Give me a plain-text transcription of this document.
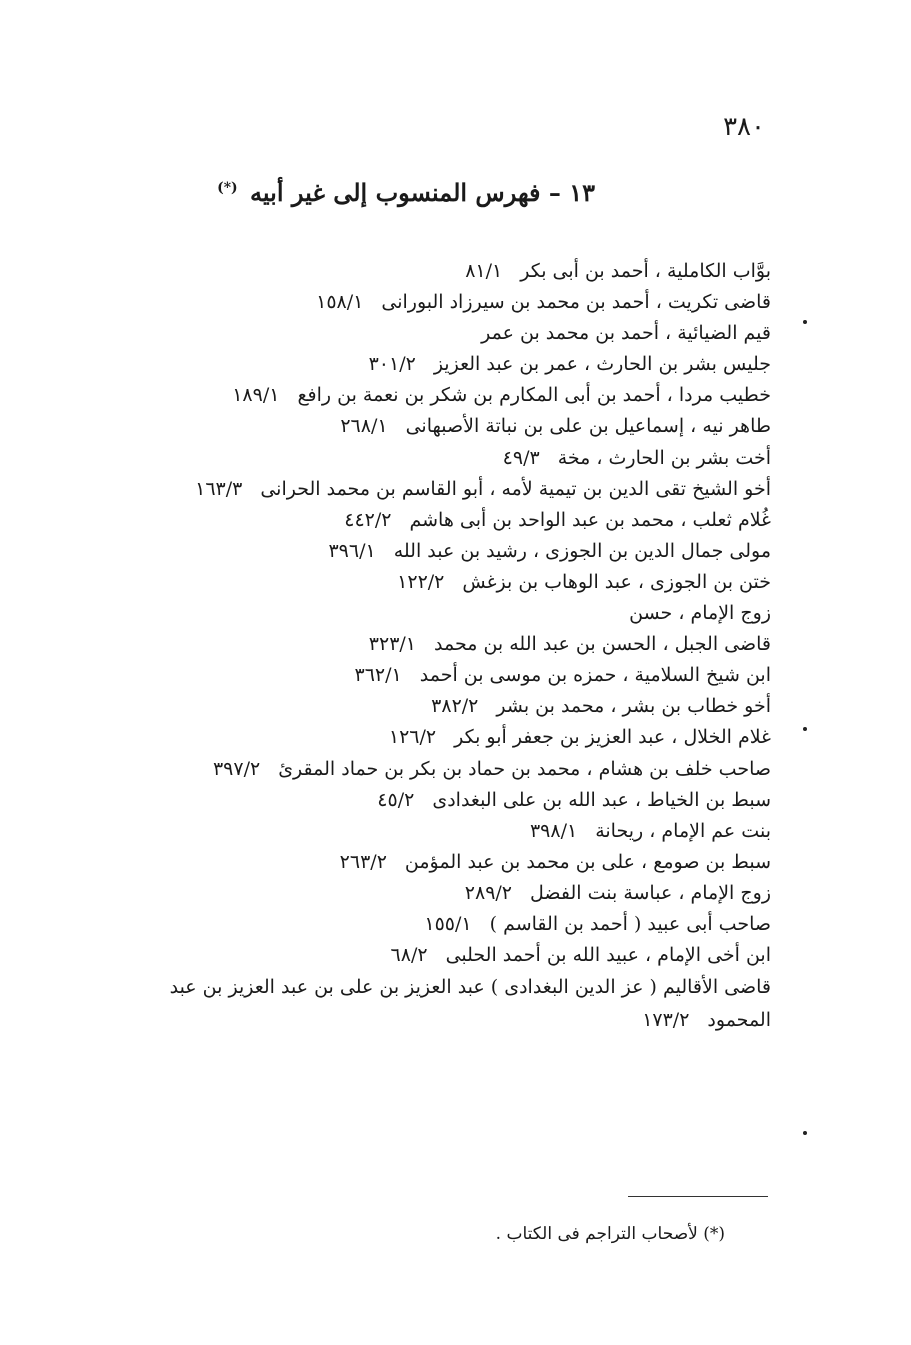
٣٨٠
١٣ – فهرس المنسوب إلى غير أبيه (*)
بوَّاب الكاملية ، أحمد بن أبى بكر٨١/١
قاضى تكريت ، أحمد بن محمد بن سيرزاد البورانى١٥٨/١
قيم الضيائية ، أحمد بن محمد بن عمر
جليس بشر بن الحارث ، عمر بن عبد العزيز٣٠١/٢
خطيب مردا ، أحمد بن أبى المكارم بن شكر بن نعمة بن رافع١٨٩/١
طاهر نيه ، إسماعيل بن على بن نباتة الأصبهانى٢٦٨/١
أخت بشر بن الحارث ، مخة٤٩/٣
أخو الشيخ تقى الدين بن تيمية لأمه ، أبو القاسم بن محمد الحرانى١٦٣/٣
غُلام ثعلب ، محمد بن عبد الواحد بن أبى هاشم٤٤٢/٢
مولى جمال الدين بن الجوزى ، رشيد بن عبد الله٣٩٦/١
ختن بن الجوزى ، عبد الوهاب بن بزغش١٢٢/٢
زوج الإمام ، حسن
قاضى الجبل ، الحسن بن عبد الله بن محمد٣٢٣/١
ابن شيخ السلامية ، حمزه بن موسى بن أحمد٣٦٢/١
أخو خطاب بن بشر ، محمد بن بشر٣٨٢/٢
غلام الخلال ، عبد العزيز بن جعفر أبو بكر١٢٦/٢
صاحب خلف بن هشام ، محمد بن حماد بن بكر بن حماد المقرئ٣٩٧/٢
سبط بن الخياط ، عبد الله بن على البغدادى٤٥/٢
بنت عم الإمام ، ريحانة٣٩٨/١
سبط بن صومع ، على بن محمد بن عبد المؤمن٢٦٣/٢
زوج الإمام ، عباسة بنت الفضل٢٨٩/٢
صاحب أبى عبيد ( أحمد بن القاسم )١٥٥/١
ابن أخى الإمام ، عبيد الله بن أحمد الحلبى٦٨/٢
قاضى الأقاليم ( عز الدين البغدادى ) عبد العزيز بن على بن عبد العزيز بن عبد المحمود١٧٣/٢
(*) لأصحاب التراجم فى الكتاب .
